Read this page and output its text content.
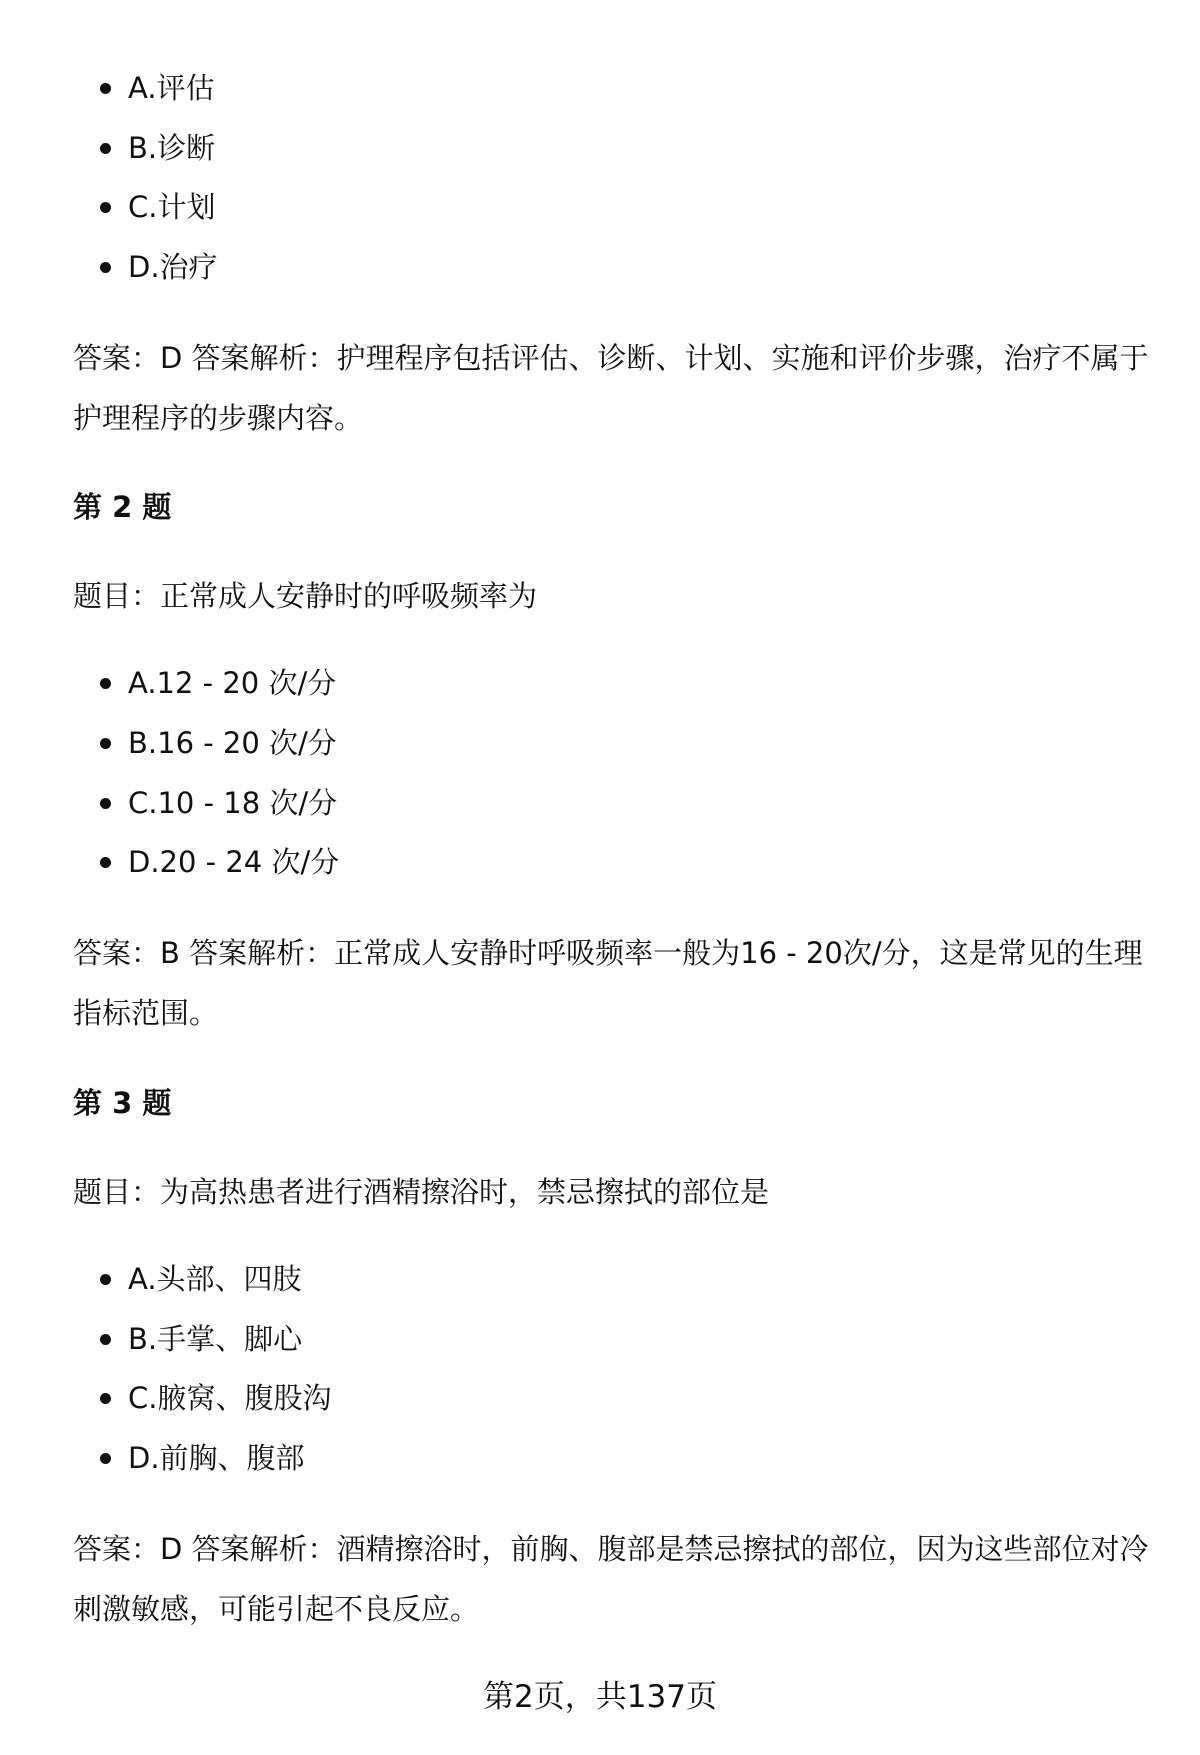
A.评估
B.诊断
C.计划
D.治疗

答案：D 答案解析：护理程序包括评估、诊断、计划、实施和评价步骤，治疗不属于护理程序的步骤内容。

第 2 题

题目：正常成人安静时的呼吸频率为

A.12 - 20 次/分
B.16 - 20 次/分
C.10 - 18 次/分
D.20 - 24 次/分

答案：B 答案解析：正常成人安静时呼吸频率一般为16 - 20次/分，这是常见的生理指标范围。

第 3 题

题目：为高热患者进行酒精擦浴时，禁忌擦拭的部位是

A.头部、四肢
B.手掌、脚心
C.腋窝、腹股沟
D.前胸、腹部

答案：D 答案解析：酒精擦浴时，前胸、腹部是禁忌擦拭的部位，因为这些部位对冷刺激敏感，可能引起不良反应。

第2页，共137页
